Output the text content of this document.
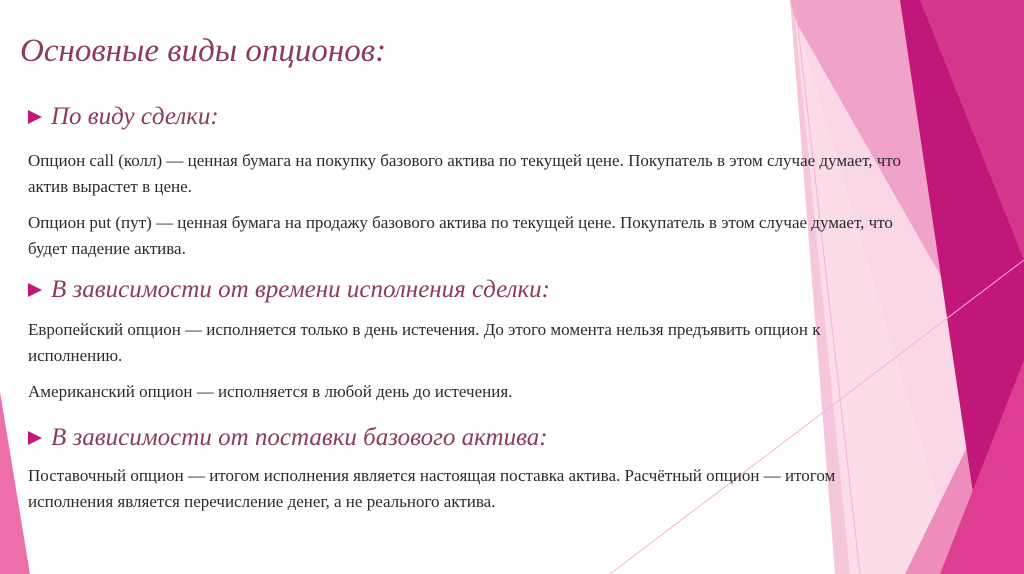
Основные виды опционов:
По виду сделки:

Опцион call (колл) — ценная бумага на покупку базового актива по текущей цене. Покупатель в этом случае думает, что актив вырастет в цене.

Опцион put (пут) — ценная бумага на продажу базового актива по текущей цене. Покупатель в этом случае думает, что будет падение актива.

В зависимости от времени исполнения сделки:

Европейский опцион — исполняется только в день истечения. До этого момента нельзя предъявить опцион к исполнению.

Американский опцион — исполняется в любой день до истечения.

В зависимости от поставки базового актива:

Поставочный опцион — итогом исполнения является настоящая поставка актива. Расчётный опцион — итогом исполнения является перечисление денег, а не реального актива.
